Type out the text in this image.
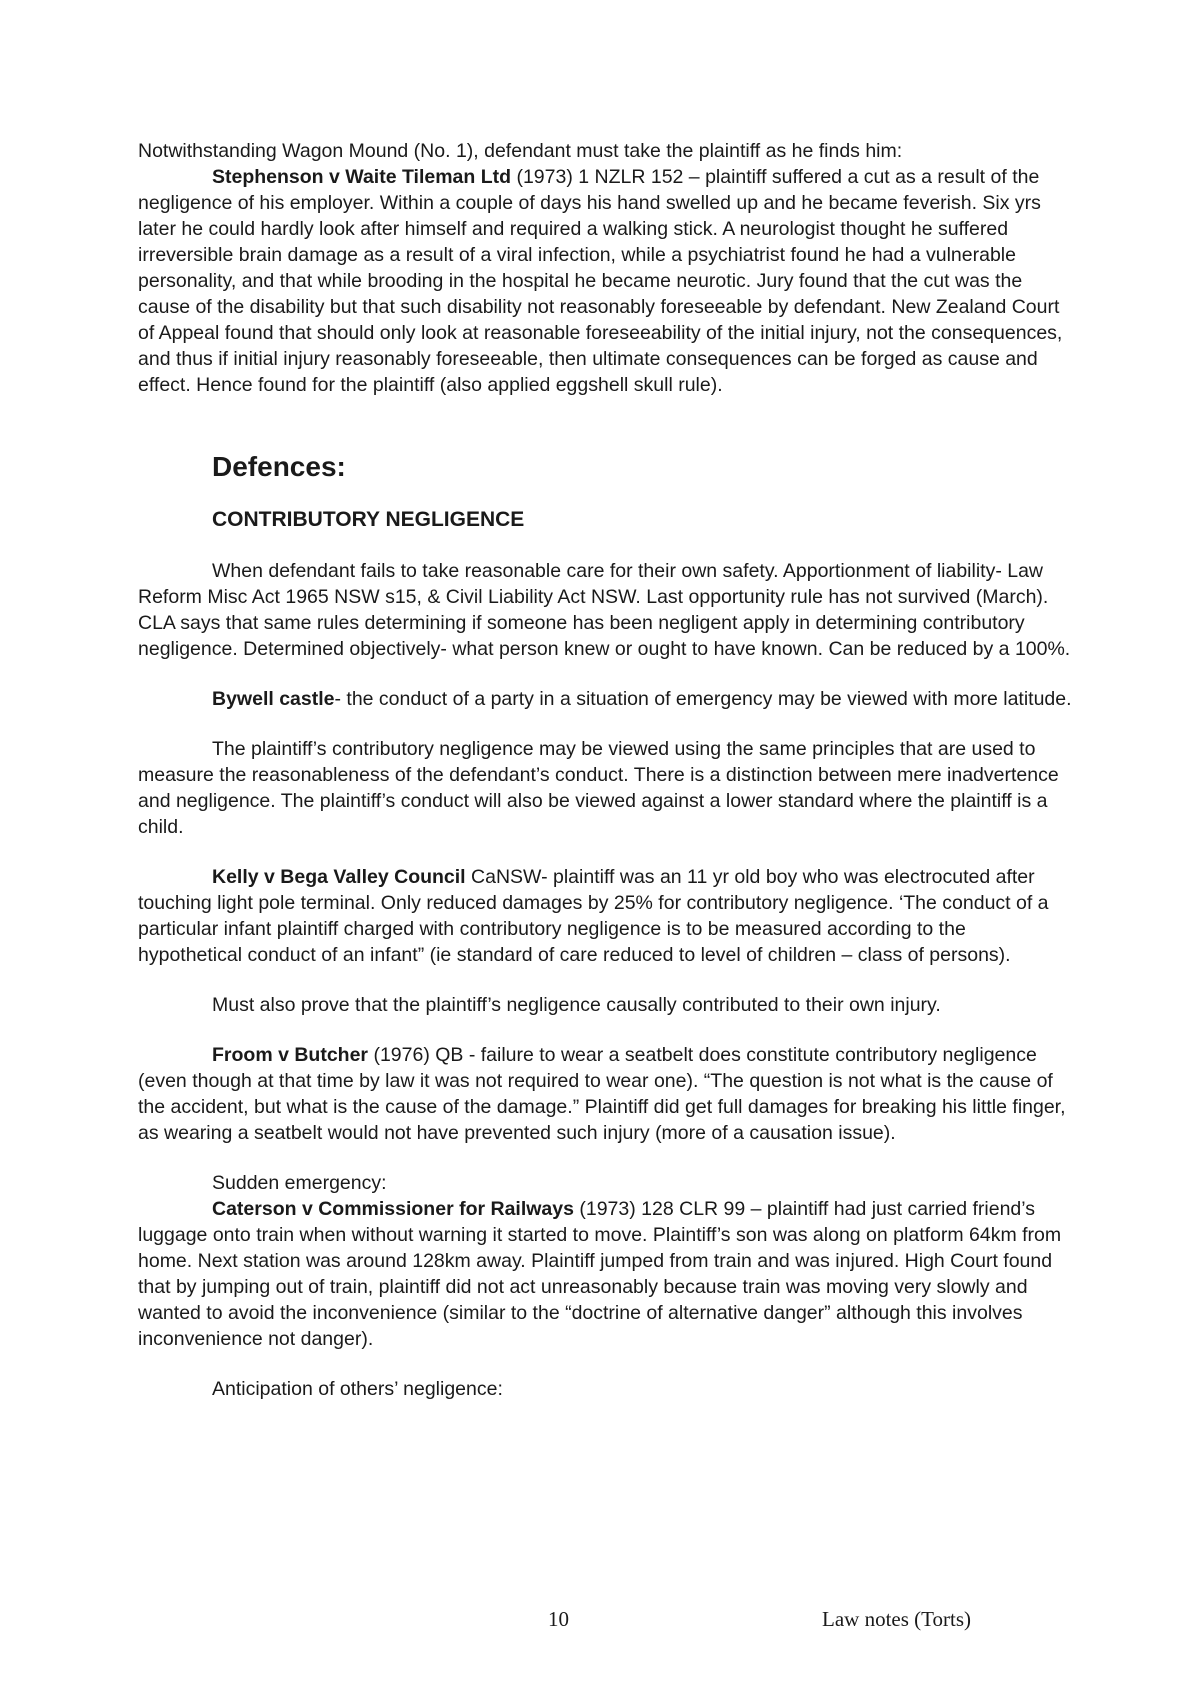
Notwithstanding Wagon Mound (No. 1), defendant must take the plaintiff as he finds him:

Stephenson v Waite Tileman Ltd (1973) 1 NZLR 152 – plaintiff suffered a cut as a result of the negligence of his employer. Within a couple of days his hand swelled up and he became feverish. Six yrs later he could hardly look after himself and required a walking stick. A neurologist thought he suffered irreversible brain damage as a result of a viral infection, while a psychiatrist found he had a vulnerable personality, and that while brooding in the hospital he became neurotic. Jury found that the cut was the cause of the disability but that such disability not reasonably foreseeable by defendant. New Zealand Court of Appeal found that should only look at reasonable foreseeability of the initial injury, not the consequences, and thus if initial injury reasonably foreseeable, then ultimate consequences can be forged as cause and effect. Hence found for the plaintiff (also applied eggshell skull rule).

Defences:
CONTRIBUTORY NEGLIGENCE

When defendant fails to take reasonable care for their own safety. Apportionment of liability- Law Reform Misc Act 1965 NSW s15, & Civil Liability Act NSW. Last opportunity rule has not survived (March). CLA says that same rules determining if someone has been negligent apply in determining contributory negligence. Determined objectively- what person knew or ought to have known. Can be reduced by a 100%.

Bywell castle- the conduct of a party in a situation of emergency may be viewed with more latitude.

The plaintiff’s contributory negligence may be viewed using the same principles that are used to measure the reasonableness of the defendant’s conduct. There is a distinction between mere inadvertence and negligence. The plaintiff’s conduct will also be viewed against a lower standard where the plaintiff is a child.

Kelly v Bega Valley Council CaNSW- plaintiff was an 11 yr old boy who was electrocuted after touching light pole terminal. Only reduced damages by 25% for contributory negligence. ‘The conduct of a particular infant plaintiff charged with contributory negligence is to be measured according to the hypothetical conduct of an infant” (ie standard of care reduced to level of children – class of persons).

Must also prove that the plaintiff’s negligence causally contributed to their own injury.

Froom v Butcher (1976) QB - failure to wear a seatbelt does constitute contributory negligence (even though at that time by law it was not required to wear one). “The question is not what is the cause of the accident, but what is the cause of the damage.” Plaintiff did get full damages for breaking his little finger, as wearing a seatbelt would not have prevented such injury (more of a causation issue).

Sudden emergency:

Caterson v Commissioner for Railways (1973) 128 CLR 99 – plaintiff had just carried friend’s luggage onto train when without warning it started to move. Plaintiff’s son was along on platform 64km from home. Next station was around 128km away. Plaintiff jumped from train and was injured. High Court found that by jumping out of train, plaintiff did not act unreasonably because train was moving very slowly and wanted to avoid the inconvenience (similar to the “doctrine of alternative danger” although this involves inconvenience not danger).

Anticipation of others’ negligence:

10	Law notes (Torts)
